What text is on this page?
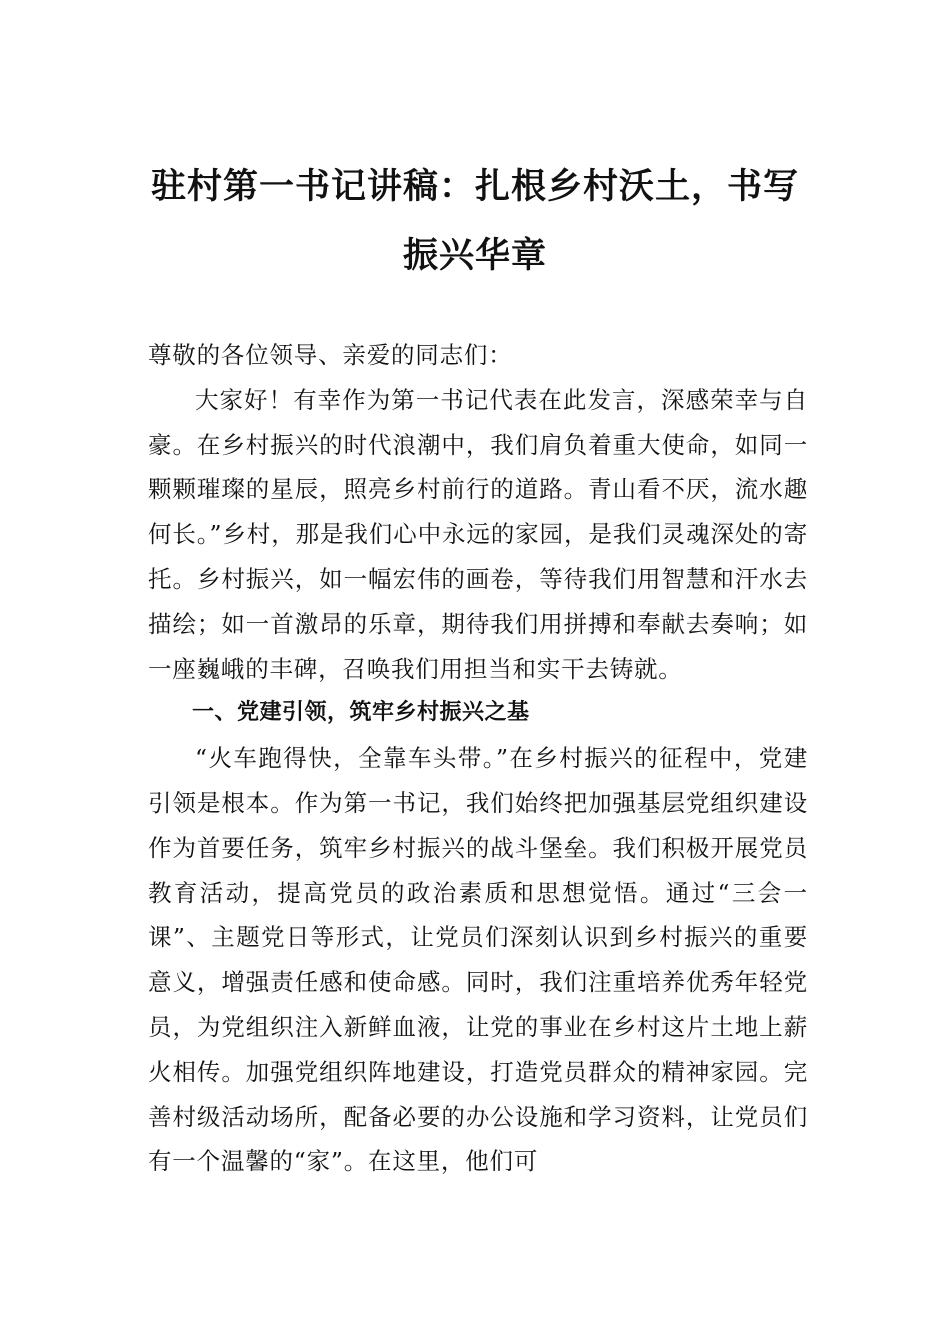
驻村第一书记讲稿：扎根乡村沃土，书写振兴华章

尊敬的各位领导、亲爱的同志们：

大家好！有幸作为第一书记代表在此发言，深感荣幸与自豪。在乡村振兴的时代浪潮中，我们肩负着重大使命，如同一颗颗璀璨的星辰，照亮乡村前行的道路。青山看不厌，流水趣何长。”乡村，那是我们心中永远的家园，是我们灵魂深处的寄托。乡村振兴，如一幅宏伟的画卷，等待我们用智慧和汗水去描绘；如一首激昂的乐章，期待我们用拼搏和奉献去奏响；如一座巍峨的丰碑，召唤我们用担当和实干去铸就。

一、党建引领，筑牢乡村振兴之基

“火车跑得快，全靠车头带。”在乡村振兴的征程中，党建引领是根本。作为第一书记，我们始终把加强基层党组织建设作为首要任务，筑牢乡村振兴的战斗堡垒。我们积极开展党员教育活动，提高党员的政治素质和思想觉悟。通过“三会一课”、主题党日等形式，让党员们深刻认识到乡村振兴的重要意义，增强责任感和使命感。同时，我们注重培养优秀年轻党员，为党组织注入新鲜血液，让党的事业在乡村这片土地上薪火相传。加强党组织阵地建设，打造党员群众的精神家园。完善村级活动场所，配备必要的办公设施和学习资料，让党员们有一个温馨的“家”。在这里，他们可
